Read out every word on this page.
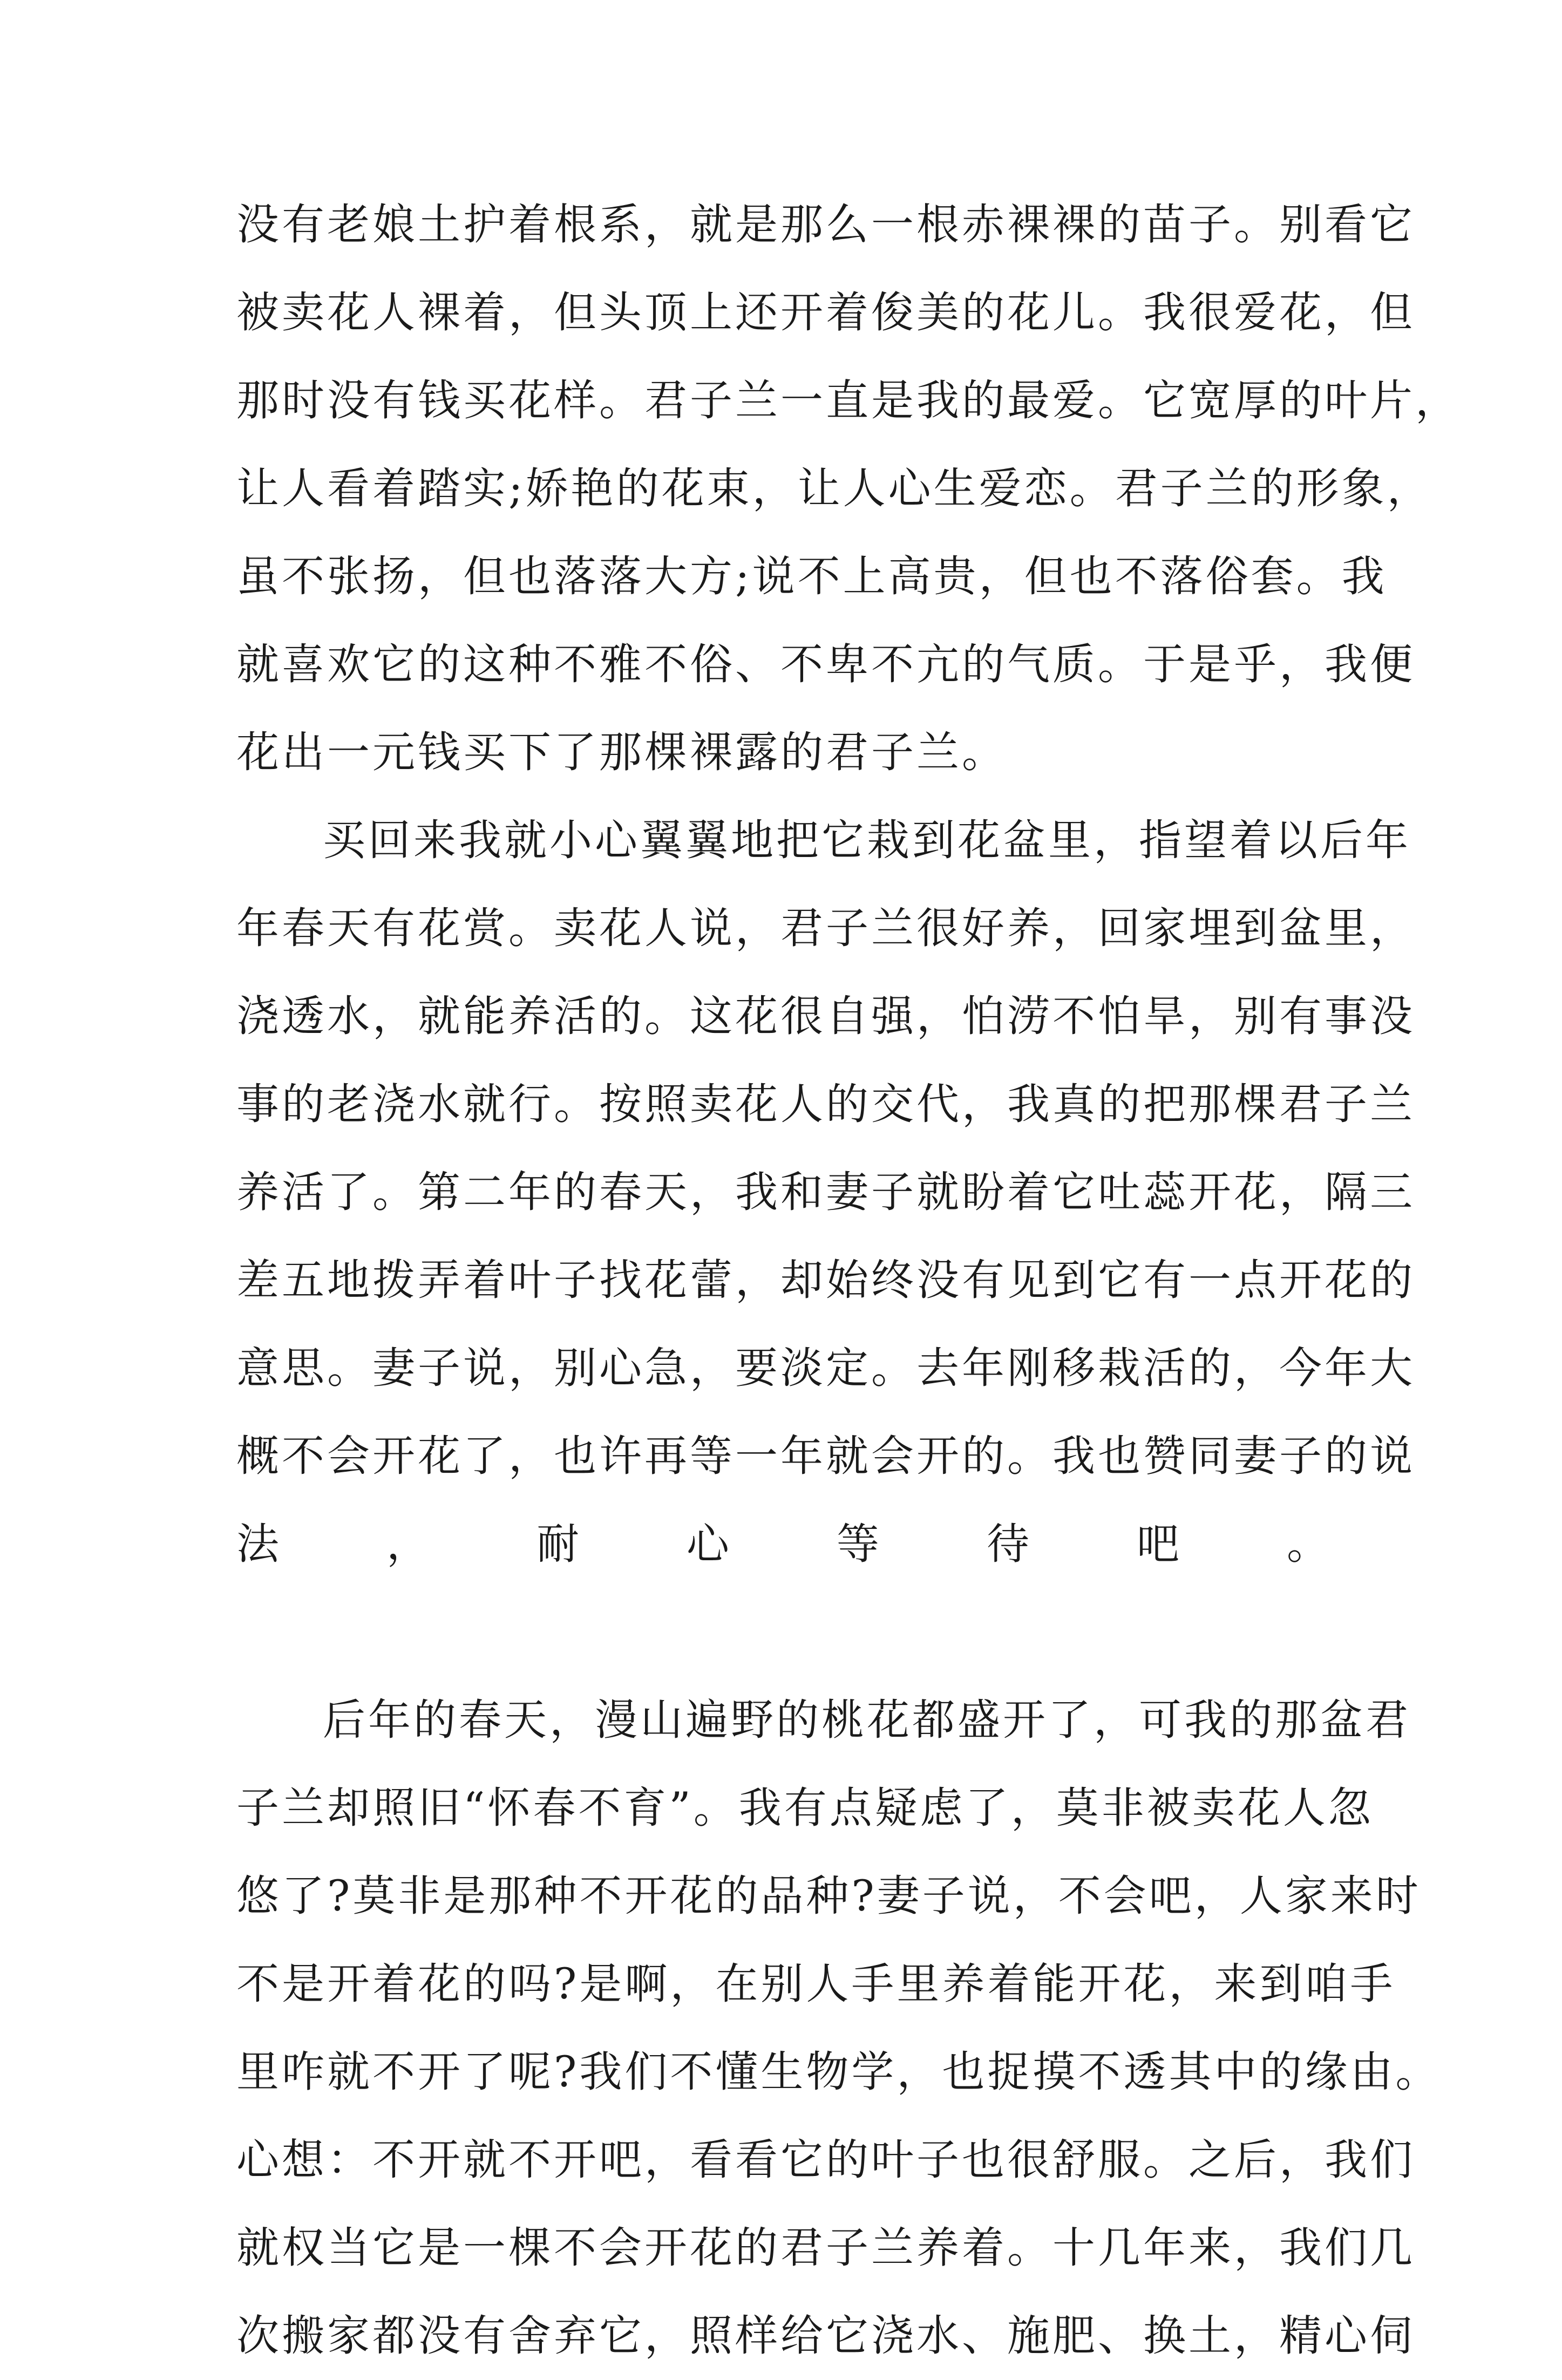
没有老娘土护着根系，就是那么一根赤裸裸的苗子。别看它
被卖花人裸着，但头顶上还开着俊美的花儿。我很爱花，但
那时没有钱买花样。君子兰一直是我的最爱。它宽厚的叶片，
让人看着踏实;娇艳的花束，让人心生爱恋。君子兰的形象，
虽不张扬，但也落落大方;说不上高贵，但也不落俗套。我
就喜欢它的这种不雅不俗、不卑不亢的气质。于是乎，我便
花出一元钱买下了那棵裸露的君子兰。
买回来我就小心翼翼地把它栽到花盆里，指望着以后年
年春天有花赏。卖花人说，君子兰很好养，回家埋到盆里，
浇透水，就能养活的。这花很自强，怕涝不怕旱，别有事没
事的老浇水就行。按照卖花人的交代，我真的把那棵君子兰
养活了。第二年的春天，我和妻子就盼着它吐蕊开花，隔三
差五地拨弄着叶子找花蕾，却始终没有见到它有一点开花的
意思。妻子说，别心急，要淡定。去年刚移栽活的，今年大
概不会开花了，也许再等一年就会开的。我也赞同妻子的说
法，耐心等待吧。
后年的春天，漫山遍野的桃花都盛开了，可我的那盆君
子兰却照旧“怀春不育”。我有点疑虑了，莫非被卖花人忽
悠了?莫非是那种不开花的品种?妻子说，不会吧，人家来时
不是开着花的吗?是啊，在别人手里养着能开花，来到咱手
里咋就不开了呢?我们不懂生物学，也捉摸不透其中的缘由。
心想：不开就不开吧，看看它的叶子也很舒服。之后，我们
就权当它是一棵不会开花的君子兰养着。十几年来，我们几
次搬家都没有舍弃它，照样给它浇水、施肥、换土，精心伺
